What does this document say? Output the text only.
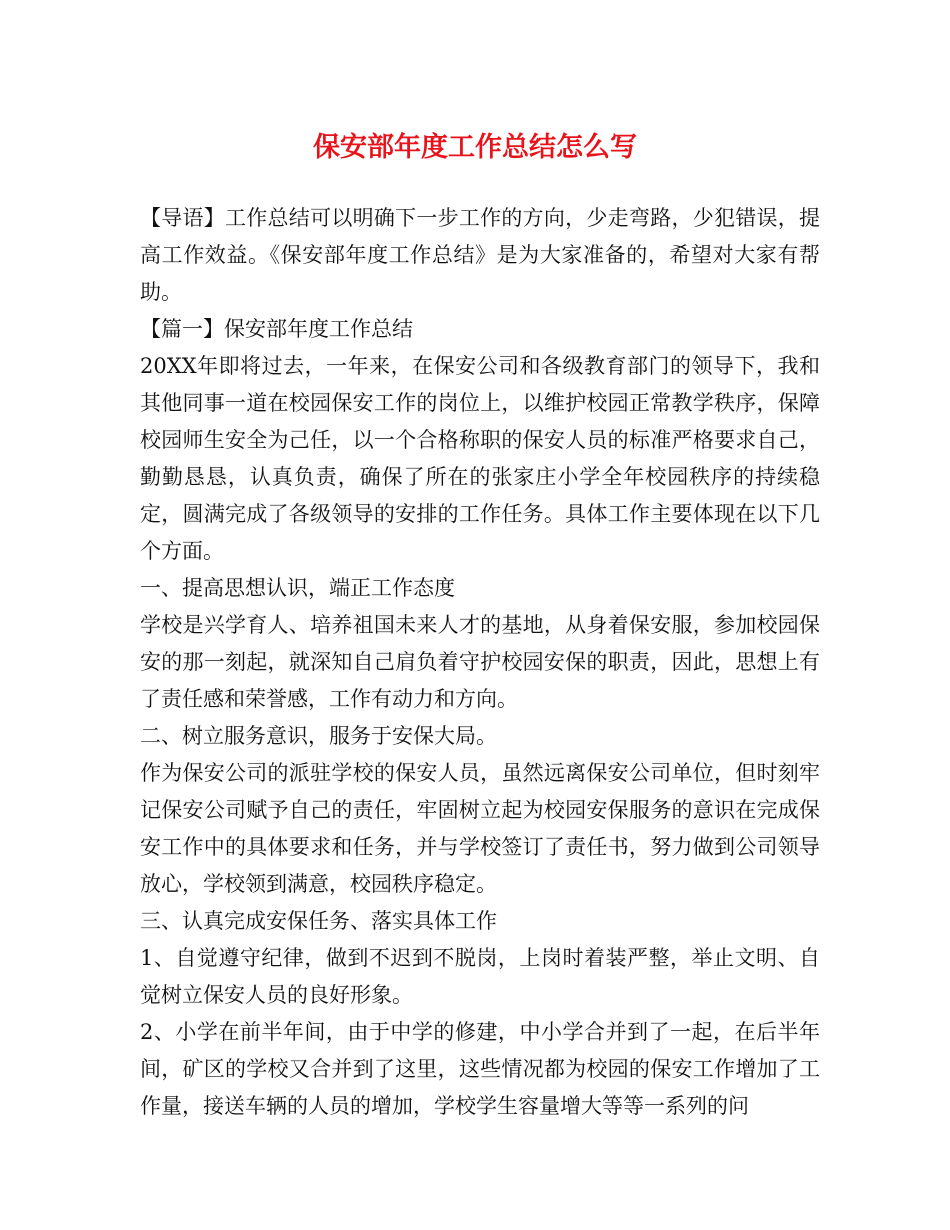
保安部年度工作总结怎么写

【导语】工作总结可以明确下一步工作的方向，少走弯路，少犯错误，提高工作效益。《保安部年度工作总结》是为大家准备的，希望对大家有帮助。

【篇一】保安部年度工作总结

20XX年即将过去，一年来，在保安公司和各级教育部门的领导下，我和其他同事一道在校园保安工作的岗位上，以维护校园正常教学秩序，保障校园师生安全为己任，以一个合格称职的保安人员的标准严格要求自己，勤勤恳恳，认真负责，确保了所在的张家庄小学全年校园秩序的持续稳定，圆满完成了各级领导的安排的工作任务。具体工作主要体现在以下几个方面。

一、提高思想认识，端正工作态度

学校是兴学育人、培养祖国未来人才的基地，从身着保安服，参加校园保安的那一刻起，就深知自己肩负着守护校园安保的职责，因此，思想上有了责任感和荣誉感，工作有动力和方向。

二、树立服务意识，服务于安保大局。

作为保安公司的派驻学校的保安人员，虽然远离保安公司单位，但时刻牢记保安公司赋予自己的责任，牢固树立起为校园安保服务的意识在完成保安工作中的具体要求和任务，并与学校签订了责任书，努力做到公司领导放心，学校领到满意，校园秩序稳定。

三、认真完成安保任务、落实具体工作

1、自觉遵守纪律，做到不迟到不脱岗，上岗时着装严整，举止文明、自觉树立保安人员的良好形象。

2、小学在前半年间，由于中学的修建，中小学合并到了一起，在后半年间，矿区的学校又合并到了这里，这些情况都为校园的保安工作增加了工作量，接送车辆的人员的增加，学校学生容量增大等等一系列的问
